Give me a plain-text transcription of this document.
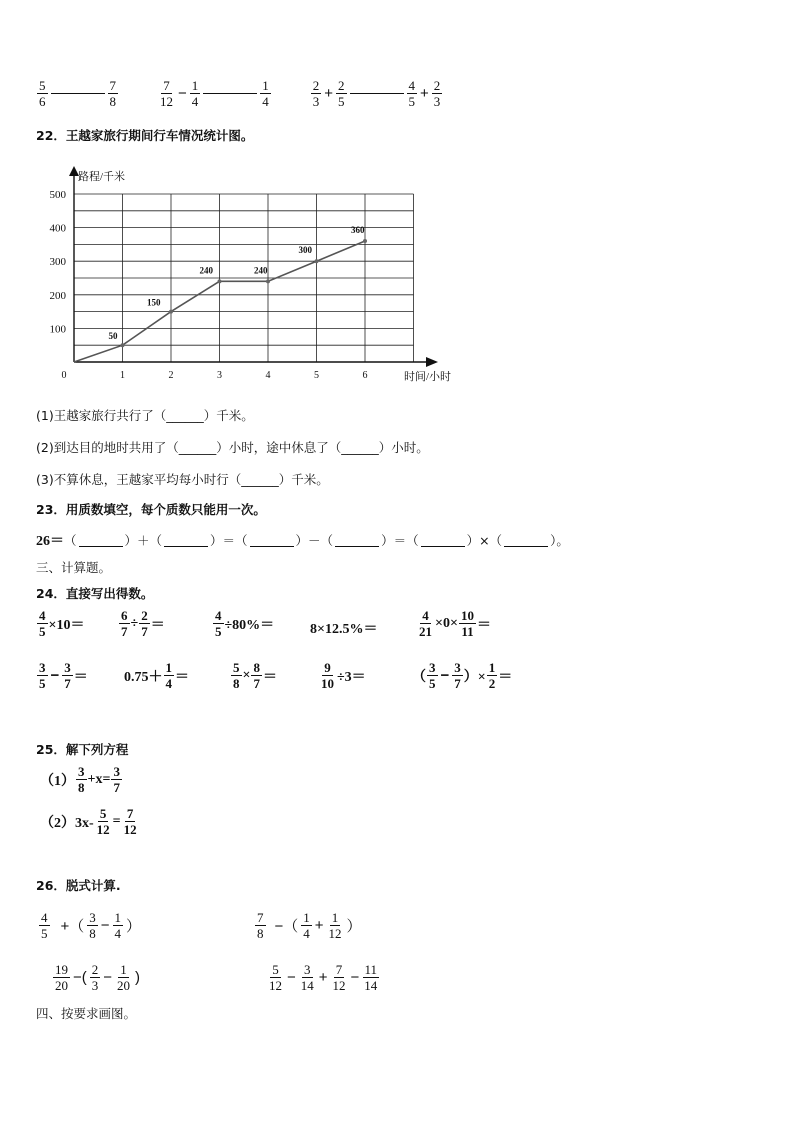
$\frac{5}{6}$	$\frac{7}{8}$	$\frac{7}{12} - \frac{1}{4}$	$\frac{1}{4}$	$\frac{2}{3} + \frac{2}{5}$	$\frac{4}{5} + \frac{2}{3}$
22．王越家旅行期间行车情况统计图。
路程/千米
时间/小时
100
200
300
400
500
0	1	2	3	4	5	6
50
150
240	240
300
360
(1)王越家旅行共行了（______）千米。
(2)到达目的地时共用了（______）小时，途中休息了（______）小时。
(3)不算休息，王越家平均每小时行（______）千米。
23．用质数填空，每个质数只能用一次。
26＝ （	）＋（	）＝（	）－（	）＝（	）×（	）。
三、计算题。
24．直接写出得数。
$\frac{4}{5} \times 10=$	$\frac{6}{7} \div \frac{2}{7}$ ＝	$\frac{4}{5} \div 80\%=$	8×12.5%＝	$\frac{4}{21} \times 0\times \frac{10}{11}$ ＝
$\frac{3}{5} - \frac{3}{7}$ ＝	$0.75+ \frac{1}{4}$ ＝	$\frac{5}{8} \times \frac{8}{7}$ ＝	$\frac{9}{10} \div 3=$	（ $\frac{3}{5} - \frac{3}{7}$ ）× $\frac{1}{2}$ ＝
25．解下列方程
$(1) \frac{3}{8} +x= \frac{3}{7}$
$(2)3x- \frac{5}{12} = \frac{7}{12}$
26．脱式计算.
$\frac{4}{5}$ +（ $\frac{3}{8} - \frac{1}{4}$ ）	$\frac{7}{8}$ −（ $\frac{1}{4} + \frac{1}{12}$ ）
$\frac{19}{20}$ −( $\frac{2}{3} - \frac{1}{20}$ )	$\frac{5}{12} - \frac{3}{14} + \frac{7}{12} - \frac{11}{14}$
四、按要求画图。
